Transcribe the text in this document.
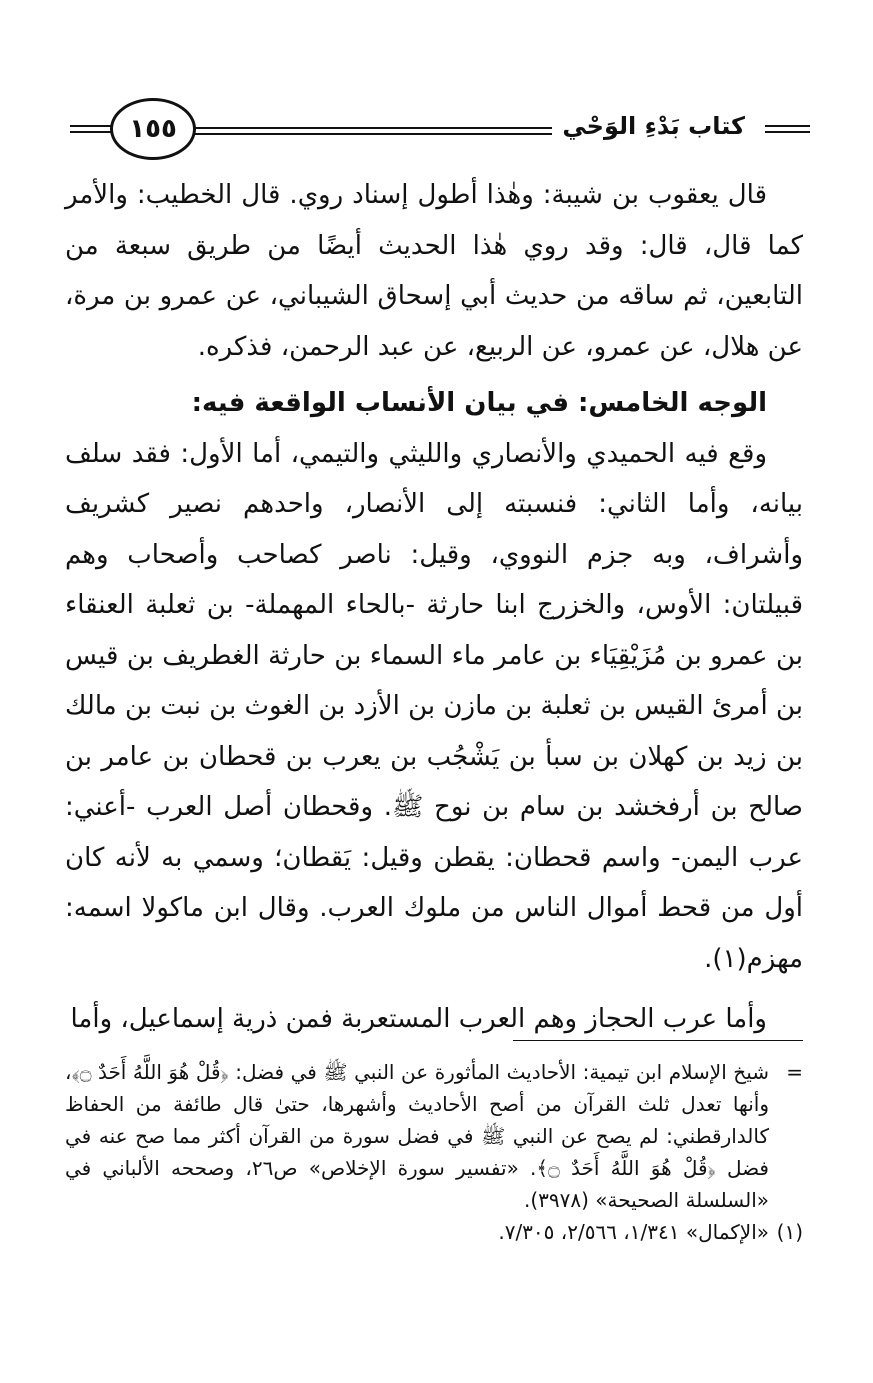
١٥٥	كتاب بَدْءِ الوَحْي

قال يعقوب بن شيبة: وهٰذا أطول إسناد روي. قال الخطيب: والأمر كما قال، قال: وقد روي هٰذا الحديث أيضًا من طريق سبعة من التابعين، ثم ساقه من حديث أبي إسحاق الشيباني، عن عمرو بن مرة، عن هلال، عن عمرو، عن الربيع، عن عبد الرحمن، فذكره.

الوجه الخامس: في بيان الأنساب الواقعة فيه:

وقع فيه الحميدي والأنصاري والليثي والتيمي، أما الأول: فقد سلف بيانه، وأما الثاني: فنسبته إلى الأنصار، واحدهم نصير كشريف وأشراف، وبه جزم النووي، وقيل: ناصر كصاحب وأصحاب وهم قبيلتان: الأوس، والخزرج ابنا حارثة -بالحاء المهملة- بن ثعلبة العنقاء بن عمرو بن مُزَيْقِيَاء بن عامر ماء السماء بن حارثة الغطريف بن قيس بن أمرئ القيس بن ثعلبة بن مازن بن الأزد بن الغوث بن نبت بن مالك بن زيد بن كهلان بن سبأ بن يَشْجُب بن يعرب بن قحطان بن عامر بن صالح بن أرفخشد بن سام بن نوح ﷺ. وقحطان أصل العرب -أعني: عرب اليمن- واسم قحطان: يقطن وقيل: يَقطان؛ وسمي به لأنه كان أول من قحط أموال الناس من ملوك العرب. وقال ابن ماكولا اسمه: مهزم(١).

وأما عرب الحجاز وهم العرب المستعربة فمن ذرية إسماعيل، وأما

=
شيخ الإسلام ابن تيمية: الأحاديث المأثورة عن النبي ﷺ في فضل: ﴿قُلْ هُوَ اللَّهُ أَحَدٌ ۝﴾، وأنها تعدل ثلث القرآن من أصح الأحاديث وأشهرها، حتىٰ قال طائفة من الحفاظ كالدارقطني: لم يصح عن النبي ﷺ في فضل سورة من القرآن أكثر مما صح عنه في فضل ﴿قُلْ هُوَ اللَّهُ أَحَدٌ ۝﴾. «تفسير سورة الإخلاص» ص٢٦، وصححه الألباني في «السلسلة الصحيحة» (٣٩٧٨).
(١)
«الإكمال» ١/٣٤١، ٢/٥٦٦، ٧/٣٠٥.
